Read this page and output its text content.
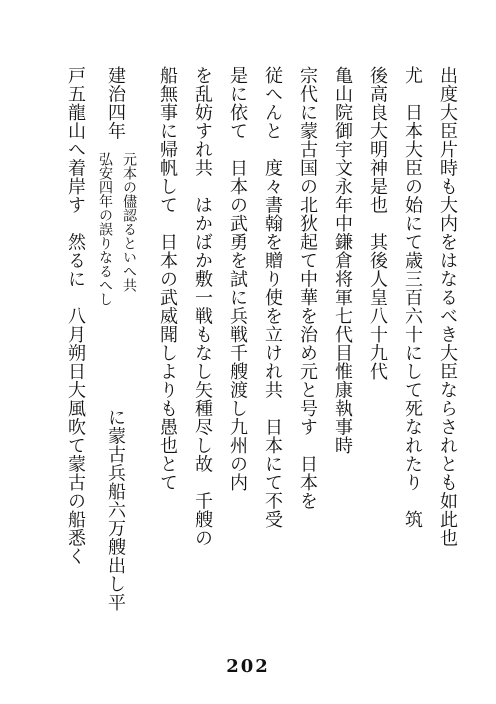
出度大臣片時も大内をはなるべき大臣ならされとも如此也
尤　日本大臣の始にて歳三百六十にして死なれたり　筑
後高良大明神是也　其後人皇八十九代
亀山院御宇文永年中鎌倉将軍七代目惟康執事時
宗代に蒙古国の北狄起て中華を治め元と号す　日本を
従へんと　度々書翰を贈り使を立けれ共　日本にて不受
是に依て　日本の武勇を試に兵戦千艘渡し九州の内
を乱妨すれ共　はかばか敷一戦もなし矢種尽し故　千艘の
船無事に帰帆して　日本の武威聞しよりも愚也とて
建治四年
元本の儘認るといへ共
弘安四年の誤りなるへし
に蒙古兵船六万艘出し平
戸五龍山へ着岸す　然るに　八月朔日大風吹て蒙古の船悉く
202
